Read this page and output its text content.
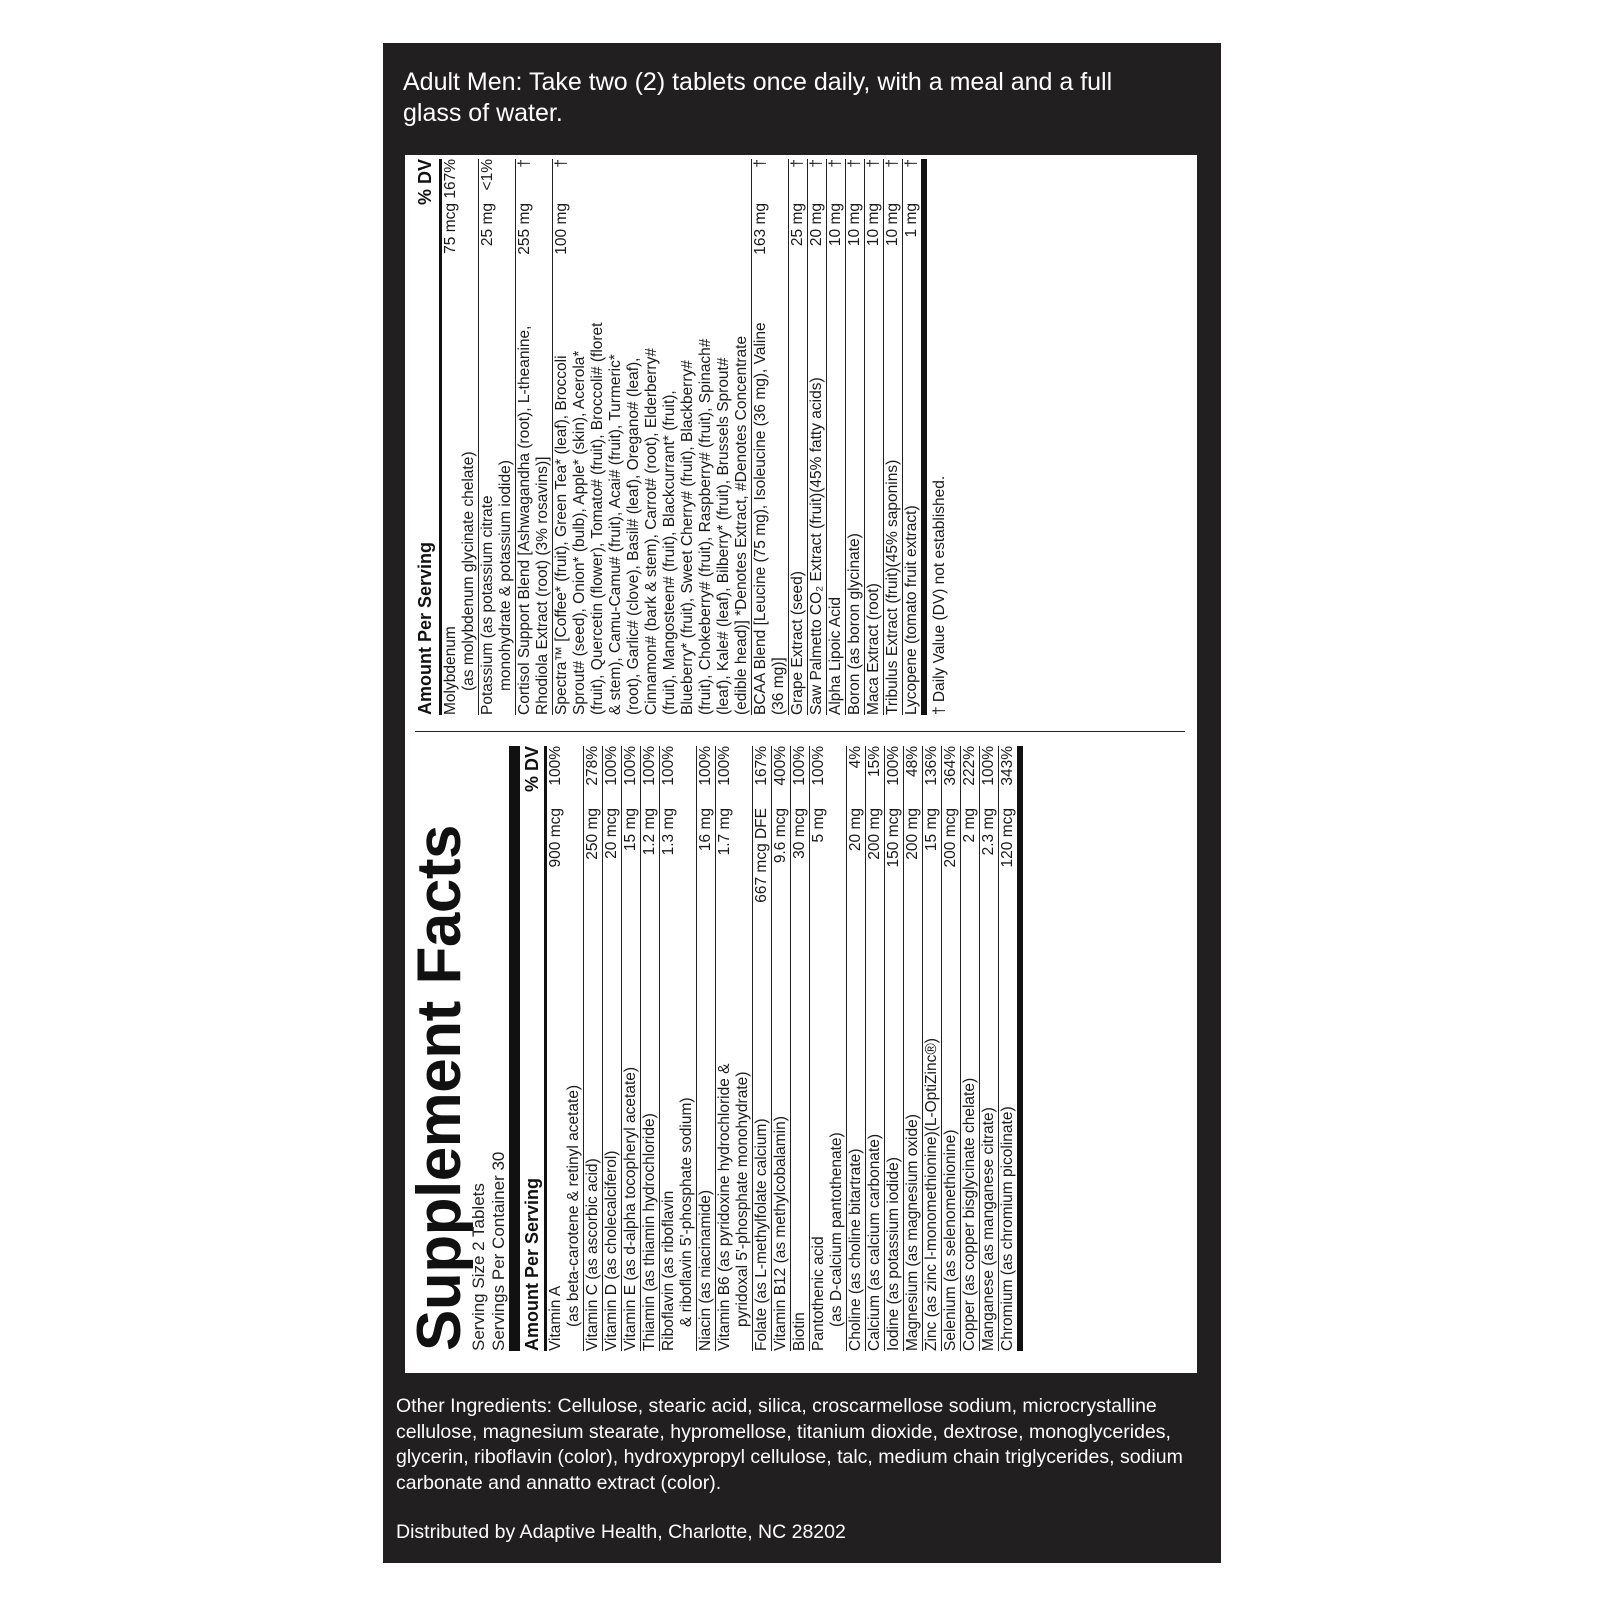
Adult Men: Take two (2) tablets once daily, with a meal and a full glass of water.
Supplement Facts
Serving Size 2 Tablets Servings Per Container 30 Amount Per Serving
% DV
Vitamin A (as beta-carotene & retinyl acetate)
900 mcg
100%
Vitamin C (as ascorbic acid)
250 mg
278%
Vitamin D (as cholecalciferol)
20 mcg
100%
Vitamin E (as d-alpha tocopheryl acetate)
15 mg
100%
Thiamin (as thiamin hydrochloride)
1.2 mg
100%
Riboflavin (as riboflavin & riboflavin 5'-phosphate sodium)
1.3 mg
100%
Niacin (as niacinamide)
16 mg
100%
Vitamin B6 (as pyridoxine hydrochloride & pyridoxal 5'-phosphate monohydrate)
1.7 mg
100%
Folate (as L-methylfolate calcium)
667 mcg DFE
167%
Vitamin B12 (as methylcobalamin)
9.6 mcg
400%
Biotin
30 mcg
100%
Pantothenic acid (as D-calcium pantothenate)
5 mg
100%
Choline (as choline bitartrate)
20 mg
4%
Calcium (as calcium carbonate)
200 mg
15%
Iodine (as potassium iodide)
150 mcg
100%
Magnesium (as magnesium oxide)
200 mg
48%
Zinc (as zinc l-monomethionine)(L-OptiZinc®)
15 mg
136%
Selenium (as selenomethionine)
200 mcg
364%
Copper (as copper bisglycinate chelate)
2 mg
222%
Manganese (as manganese citrate)
2.3 mg
100%
Chromium (as chromium picolinate)
120 mcg
343%
Amount Per Serving
% DV
Molybdenum (as molybdenum glycinate chelate)
75 mcg
167%
Potassium (as potassium citrate monohydrate & potassium iodide)
25 mg
<1%
Cortisol Support Blend [Ashwagandha (root), L-theanine, Rhodiola Extract (root) (3% rosavins)]
255 mg
†
Spectra™ [Coffee* (fruit), Green Tea* (leaf), Broccoli Sprout# (seed), Onion* (bulb), Apple* (skin), Acerola* (fruit), Quercetin (flower), Tomato# (fruit), Broccoli# (floret & stem), Camu-Camu# (fruit), Acai# (fruit), Turmeric* (root), Garlic# (clove), Basil# (leaf), Oregano# (leaf), Cinnamon# (bark & stem), Carrot# (root), Elderberry# (fruit), Mangosteen# (fruit), Blackcurrant* (fruit), Blueberry* (fruit), Sweet Cherry# (fruit), Blackberry# (fruit), Chokeberry# (fruit), Raspberry# (fruit), Spinach# (leaf), Kale# (leaf), Bilberry* (fruit), Brussels Sprout# (edible head)] *Denotes Extract, #Denotes Concentrate
100 mg
†
BCAA Blend [Leucine (75 mg), Isoleucine (36 mg), Valine (36 mg)]
163 mg
†
Grape Extract (seed)
25 mg
†
Saw Palmetto CO₂ Extract (fruit)(45% fatty acids)
20 mg
†
Alpha Lipoic Acid
10 mg
†
Boron (as boron glycinate)
10 mg
†
Maca Extract (root)
10 mg
†
Tribulus Extract (fruit)(45% saponins)
10 mg
†
Lycopene (tomato fruit extract)
1 mg
†
† Daily Value (DV) not established.
Other Ingredients: Cellulose, stearic acid, silica, croscarmellose sodium, microcrystalline cellulose, magnesium stearate, hypromellose, titanium dioxide, dextrose, monoglycerides, glycerin, riboflavin (color), hydroxypropyl cellulose, talc, medium chain triglycerides, sodium carbonate and annatto extract (color).
Distributed by Adaptive Health, Charlotte, NC 28202
